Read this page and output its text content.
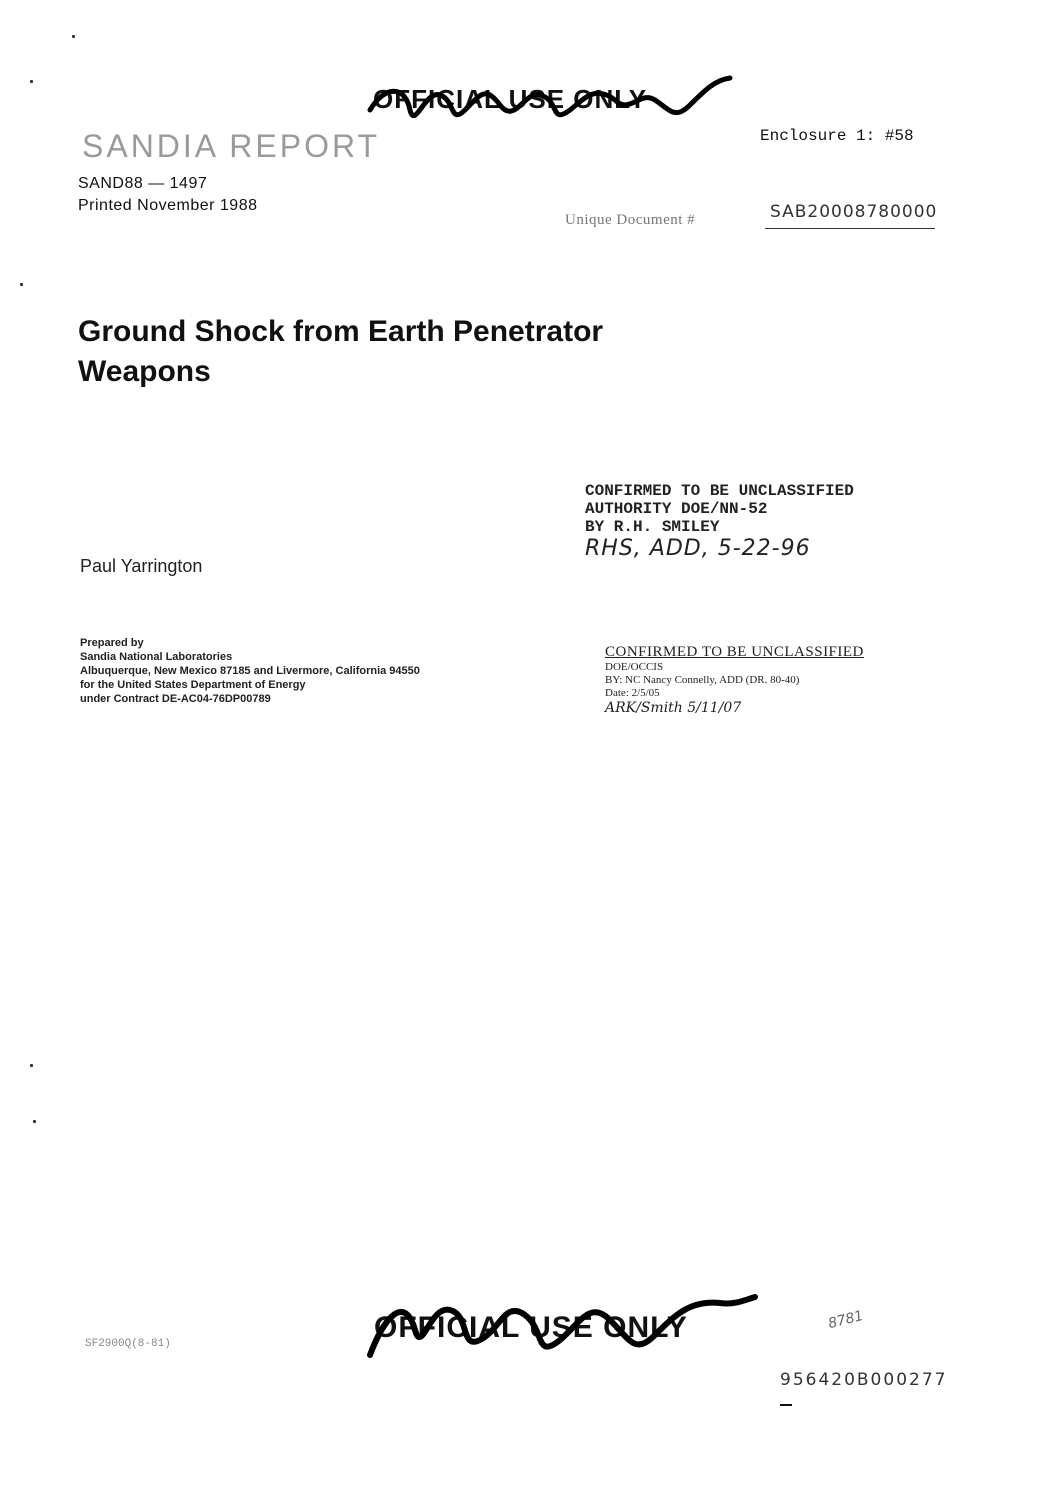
OFFICIAL USE ONLY
SANDIA REPORT
SAND88 — 1497
Printed November 1988
Enclosure 1: #58
Unique Document #	SAB20008780000
Ground Shock from Earth Penetrator
Weapons
CONFIRMED TO BE UNCLASSIFIED
AUTHORITY DOE/NN-52
BY R.H. SMILEY
RHS, ADD, 5-22-96
Paul Yarrington
Prepared by
Sandia National Laboratories
Albuquerque, New Mexico 87185 and Livermore, California 94550
for the United States Department of Energy
under Contract DE-AC04-76DP00789
CONFIRMED TO BE UNCLASSIFIED
DOE/OCCIS
BY: NC Nancy Connelly, ADD (DR. 80-40)
Date: 2/5/05
ARK/Smith 5/11/07
SF2900Q(8-81)	OFFICIAL USE ONLY	8781
956420B000277
